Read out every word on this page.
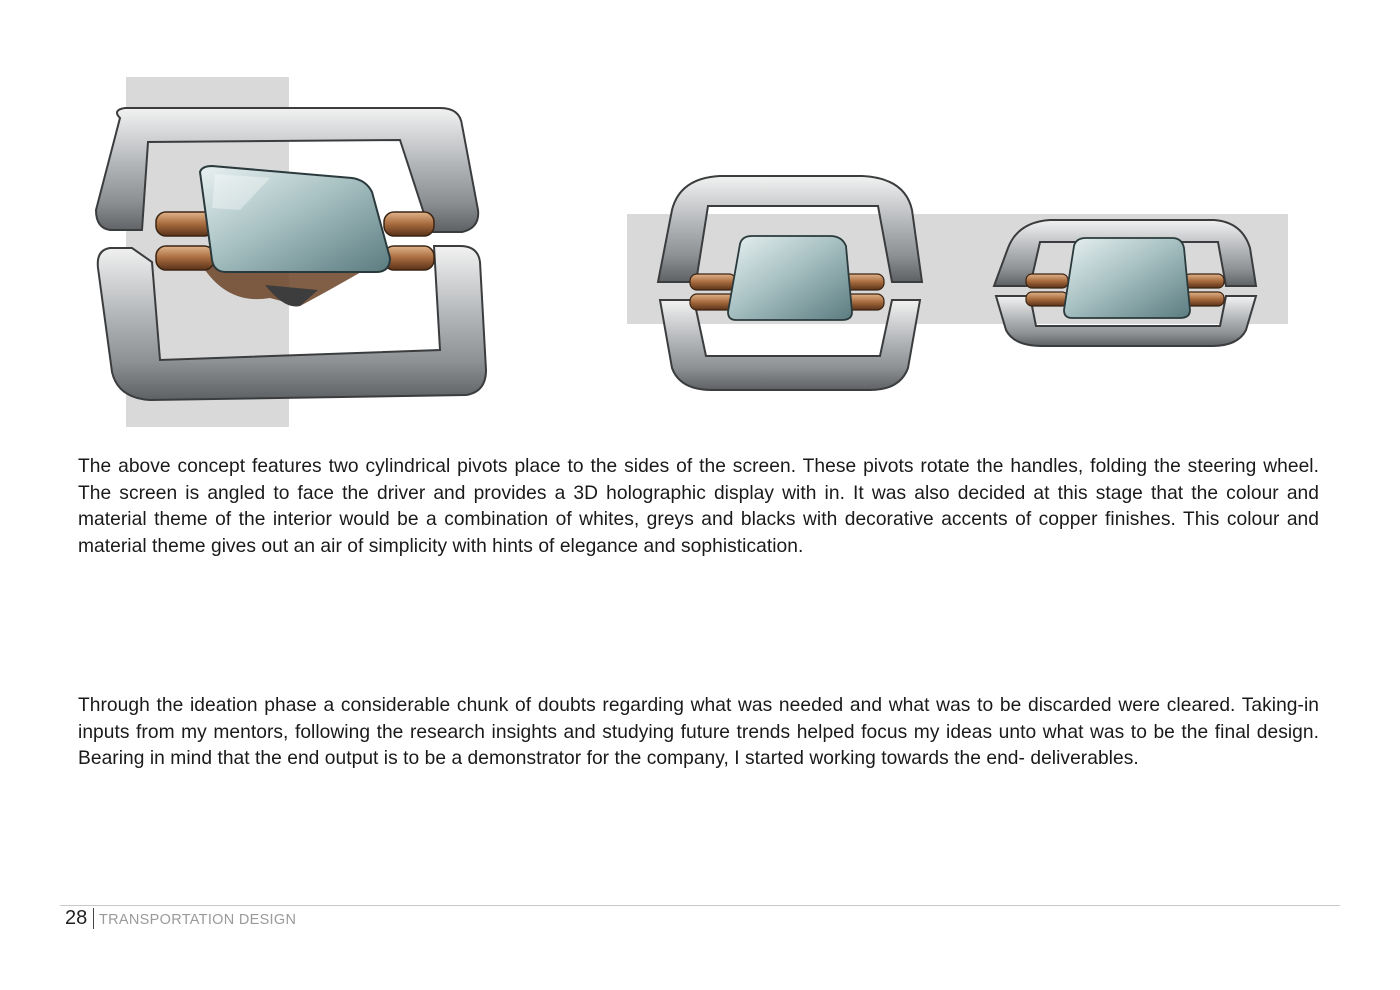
The above concept features two cylindrical pivots place to the sides of the screen. These pivots rotate the handles, folding the steering wheel. The screen is angled to face the driver and provides a 3D holographic display with in. It was also decided at this stage that the colour and material theme of the interior would be a combination of whites, greys and blacks with decorative accents of copper finishes. This colour and material theme gives out an air of simplicity with hints of elegance and sophistication.

Through the ideation phase a considerable chunk of doubts regarding what was needed and what was to be discarded were cleared. Taking-in inputs from my mentors, following the research insights and studying future trends helped focus my ideas unto what was to be the final design. Bearing in mind that the end output is to be a demonstrator for the company, I started working towards the end- deliverables.

28 TRANSPORTATION DESIGN
